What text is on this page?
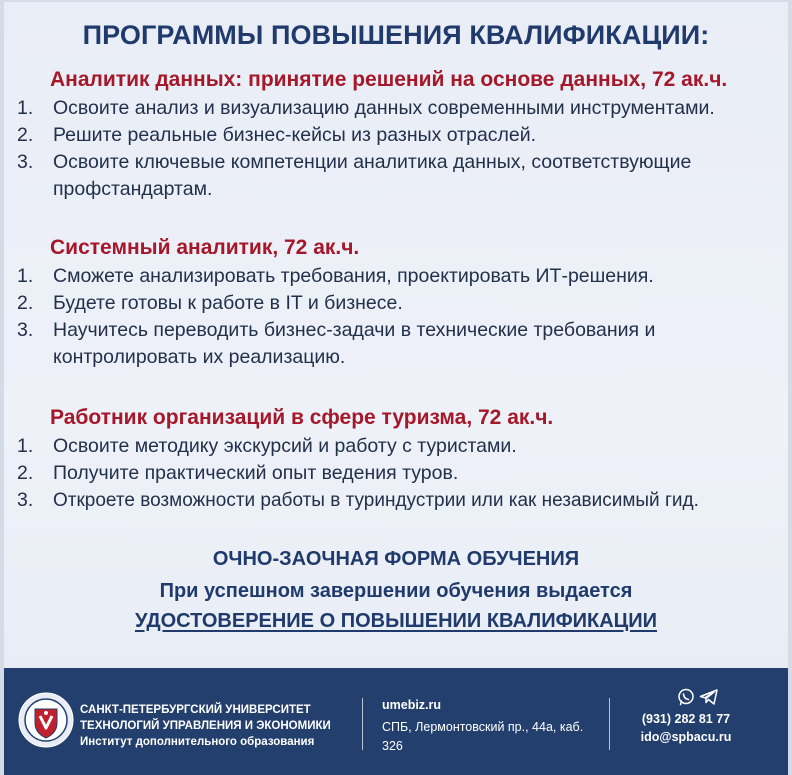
ПРОГРАММЫ ПОВЫШЕНИЯ КВАЛИФИКАЦИИ:
Аналитик данных: принятие решений на основе данных, 72 ак.ч.
1.	Освоите анализ и визуализацию данных современными инструментами.
2.	Решите реальные бизнес-кейсы из разных отраслей.
3.	Освоите ключевые компетенции аналитика данных, соответствующие профстандартам.
Системный аналитик, 72 ак.ч.
1.	Сможете анализировать требования, проектировать ИТ-решения.
2.	Будете готовы к работе в IT и бизнесе.
3.	Научитесь переводить бизнес-задачи в технические требования и контролировать их реализацию.
Работник организаций в сфере туризма, 72 ак.ч.
1.	Освоите методику экскурсий и работу с туристами.
2.	Получите практический опыт ведения туров.
3.	Откроете возможности работы в туриндустрии или как независимый гид.
ОЧНО-ЗАОЧНАЯ ФОРМА ОБУЧЕНИЯ
При успешном завершении обучения выдается
УДОСТОВЕРЕНИЕ О ПОВЫШЕНИИ КВАЛИФИКАЦИИ
САНКТ-ПЕТЕРБУРГСКИЙ УНИВЕРСИТЕТ
ТЕХНОЛОГИЙ УПРАВЛЕНИЯ И ЭКОНОМИКИ
Институт дополнительного образования
umebiz.ru
СПБ, Лермонтовский пр., 44а, каб. 326
(931) 282 81 77
ido@spbacu.ru
